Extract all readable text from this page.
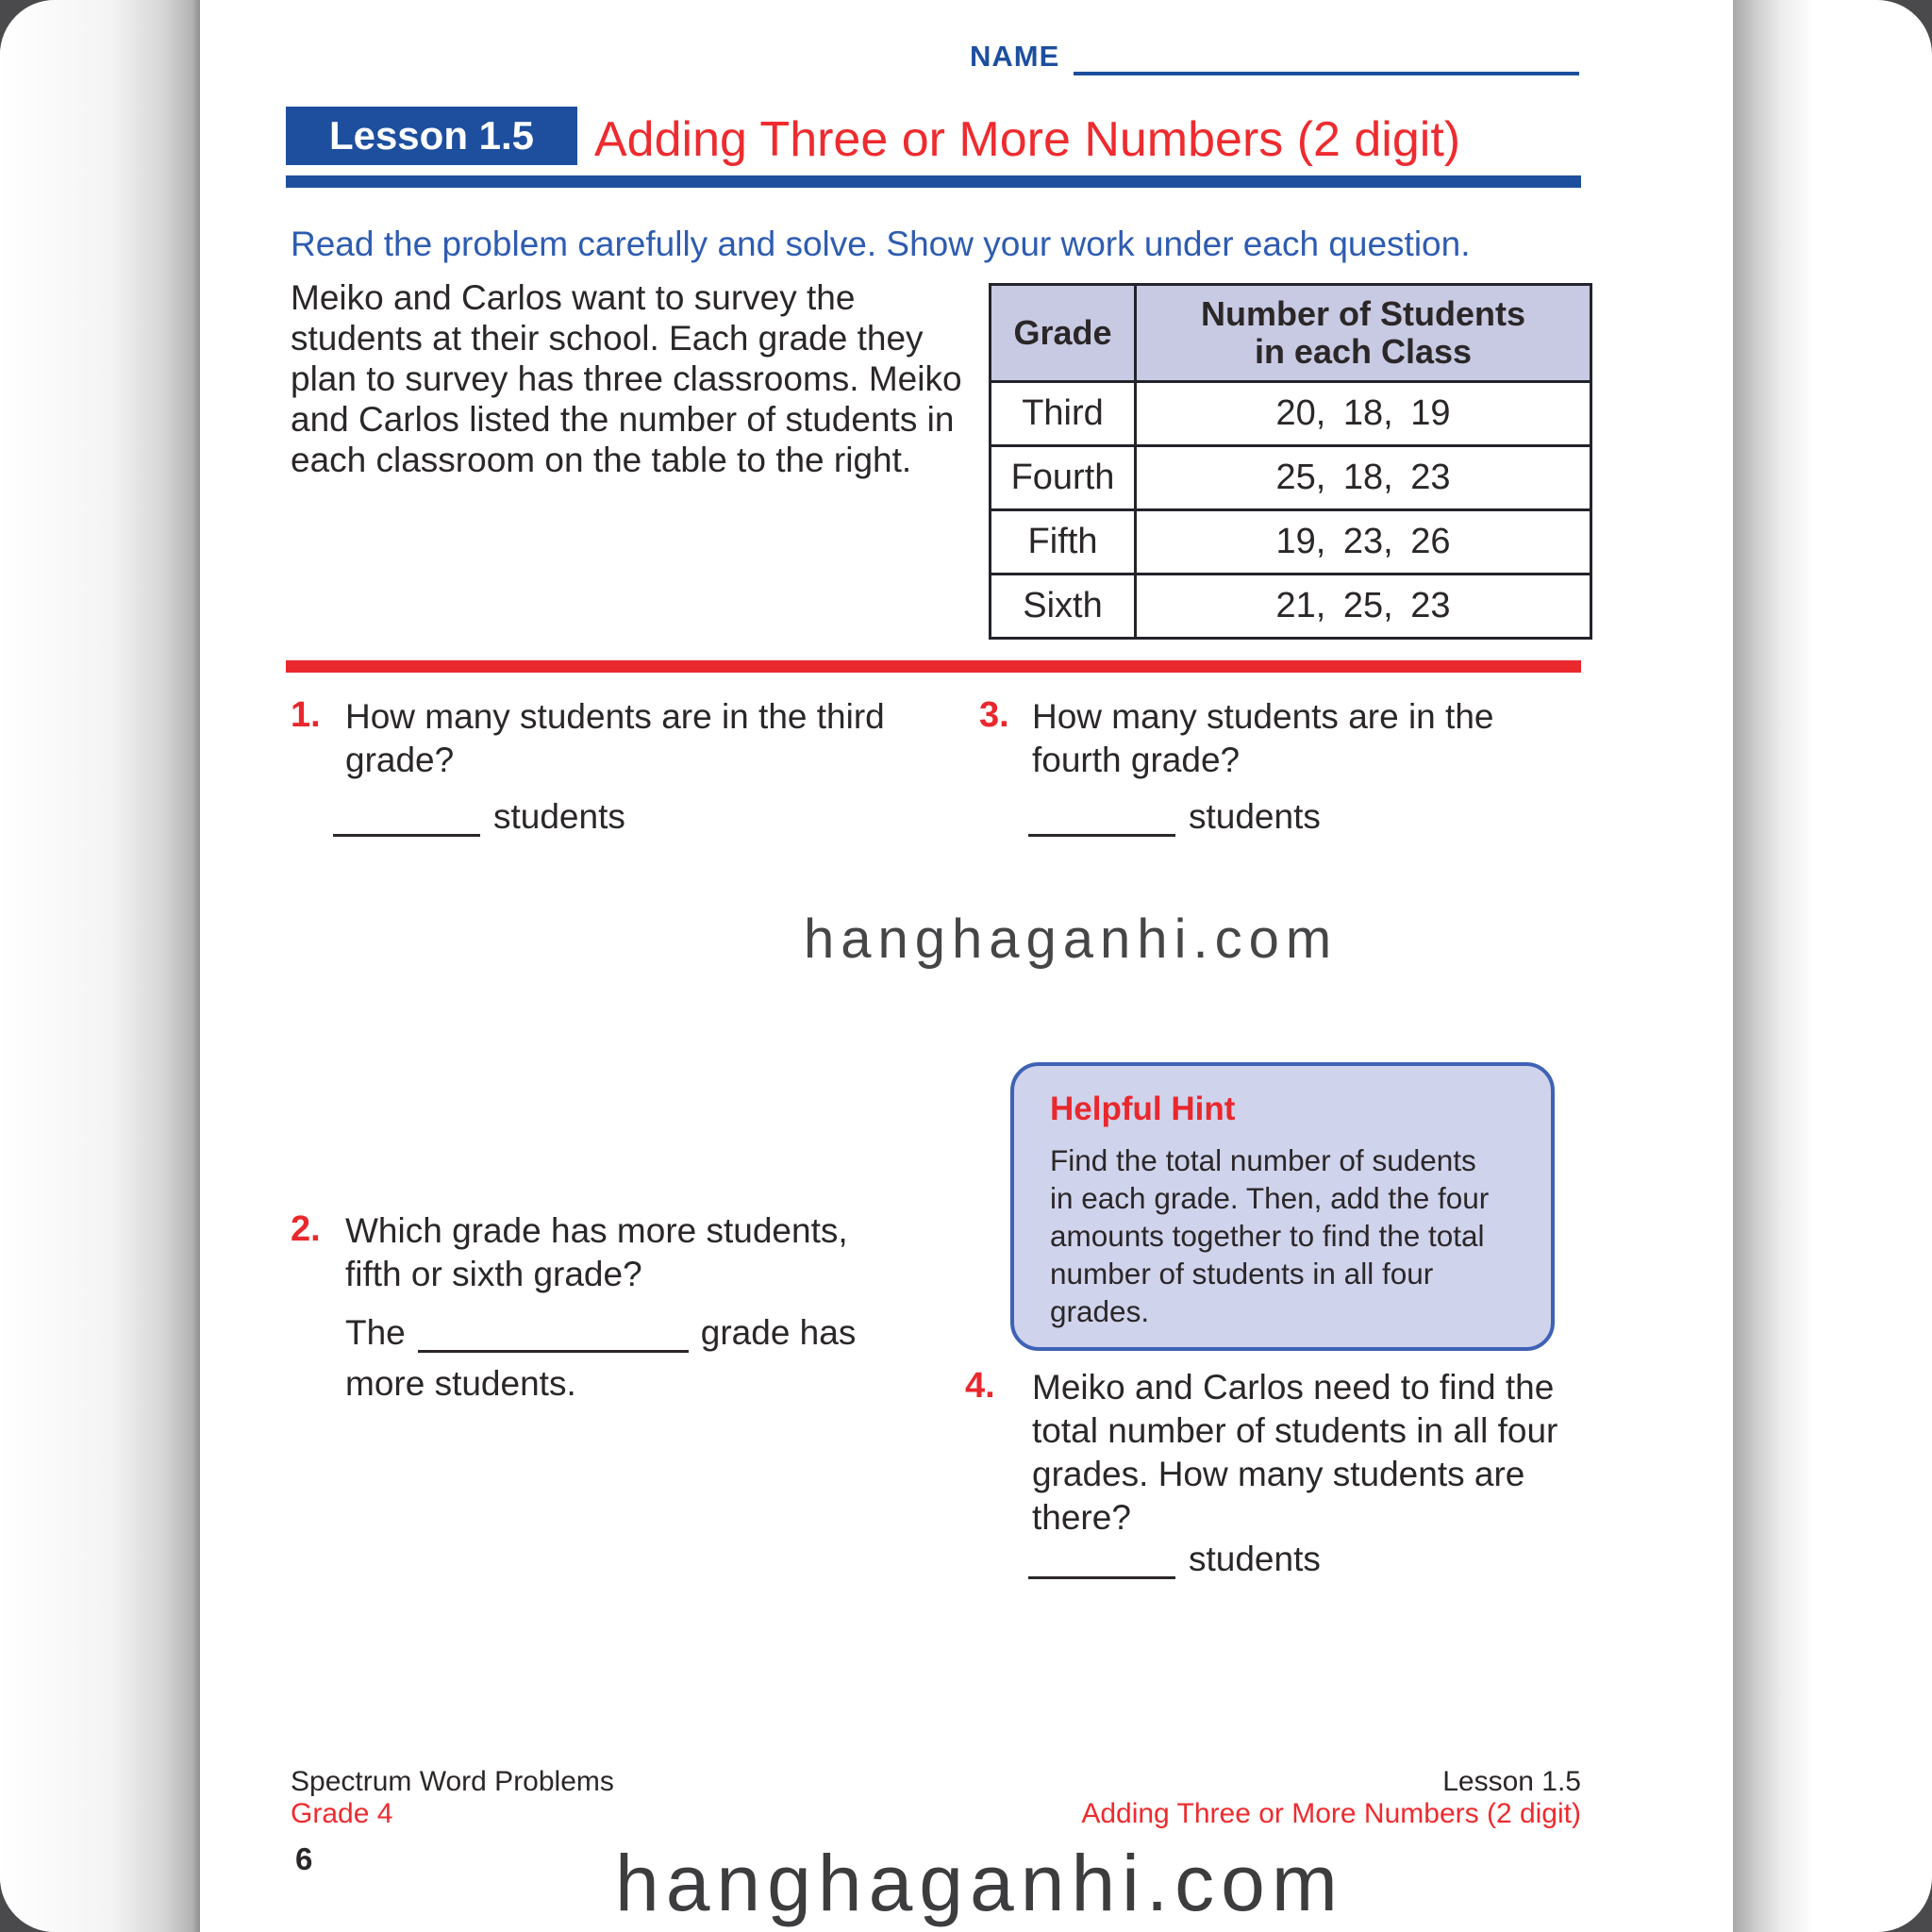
NAME
Lesson 1.5	Adding Three or More Numbers (2 digit)
Read the problem carefully and solve. Show your work under each question.
Meiko and Carlos want to survey the
students at their school. Each grade they
plan to survey has three classrooms. Meiko
and Carlos listed the number of students in
each classroom on the table to the right.
Grade	Number of Students
in each Class

Third	20, 18, 19
Fourth	25, 18, 23
Fifth	19, 23, 26
Sixth	21, 25, 23
1. How many students are in the third
grade?
students
3. How many students are in the
fourth grade?
students
hanghaganhi.com
Helpful Hint
Find the total number of sudents
in each grade. Then, add the four
amounts together to find the total
number of students in all four
grades.
2. Which grade has more students,
fifth or sixth grade?
The	grade has
more students.	4. Meiko and Carlos need to find the
total number of students in all four
grades. How many students are
there?
students
Spectrum Word Problems
Grade 4
6
Lesson 1.5
Adding Three or More Numbers (2 digit)
hanghaganhi.com
